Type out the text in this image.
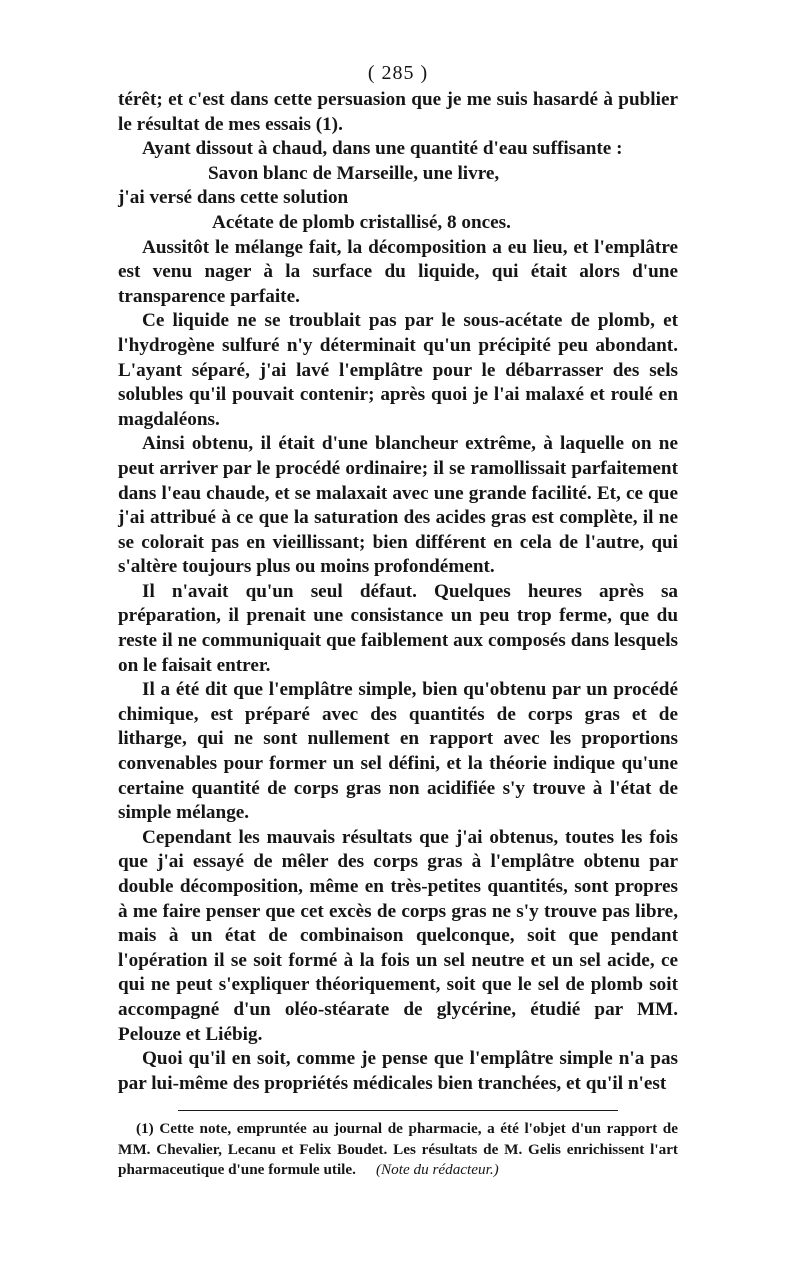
( 285 )

térêt; et c'est dans cette persuasion que je me suis hasardé à publier le résultat de mes essais (1).

Ayant dissout à chaud, dans une quantité d'eau suffisante :

Savon blanc de Marseille, une livre,

j'ai versé dans cette solution

Acétate de plomb cristallisé, 8 onces.

Aussitôt le mélange fait, la décomposition a eu lieu, et l'emplâtre est venu nager à la surface du liquide, qui était alors d'une transparence parfaite.

Ce liquide ne se troublait pas par le sous-acétate de plomb, et l'hydrogène sulfuré n'y déterminait qu'un précipité peu abondant. L'ayant séparé, j'ai lavé l'emplâtre pour le débarrasser des sels solubles qu'il pouvait contenir; après quoi je l'ai malaxé et roulé en magdaléons.

Ainsi obtenu, il était d'une blancheur extrême, à laquelle on ne peut arriver par le procédé ordinaire; il se ramollissait parfaitement dans l'eau chaude, et se malaxait avec une grande facilité. Et, ce que j'ai attribué à ce que la saturation des acides gras est complète, il ne se colorait pas en vieillissant; bien différent en cela de l'autre, qui s'altère toujours plus ou moins profondément.

Il n'avait qu'un seul défaut. Quelques heures après sa préparation, il prenait une consistance un peu trop ferme, que du reste il ne communiquait que faiblement aux composés dans lesquels on le faisait entrer.

Il a été dit que l'emplâtre simple, bien qu'obtenu par un procédé chimique, est préparé avec des quantités de corps gras et de litharge, qui ne sont nullement en rapport avec les proportions convenables pour former un sel défini, et la théorie indique qu'une certaine quantité de corps gras non acidifiée s'y trouve à l'état de simple mélange.

Cependant les mauvais résultats que j'ai obtenus, toutes les fois que j'ai essayé de mêler des corps gras à l'emplâtre obtenu par double décomposition, même en très-petites quantités, sont propres à me faire penser que cet excès de corps gras ne s'y trouve pas libre, mais à un état de combinaison quelconque, soit que pendant l'opération il se soit formé à la fois un sel neutre et un sel acide, ce qui ne peut s'expliquer théoriquement, soit que le sel de plomb soit accompagné d'un oléo-stéarate de glycérine, étudié par MM. Pelouze et Liébig.

Quoi qu'il en soit, comme je pense que l'emplâtre simple n'a pas par lui-même des propriétés médicales bien tranchées, et qu'il n'est

(1) Cette note, empruntée au journal de pharmacie, a été l'objet d'un rapport de MM. Chevalier, Lecanu et Felix Boudet. Les résultats de M. Gelis enrichissent l'art pharmaceutique d'une formule utile. (Note du rédacteur.)
